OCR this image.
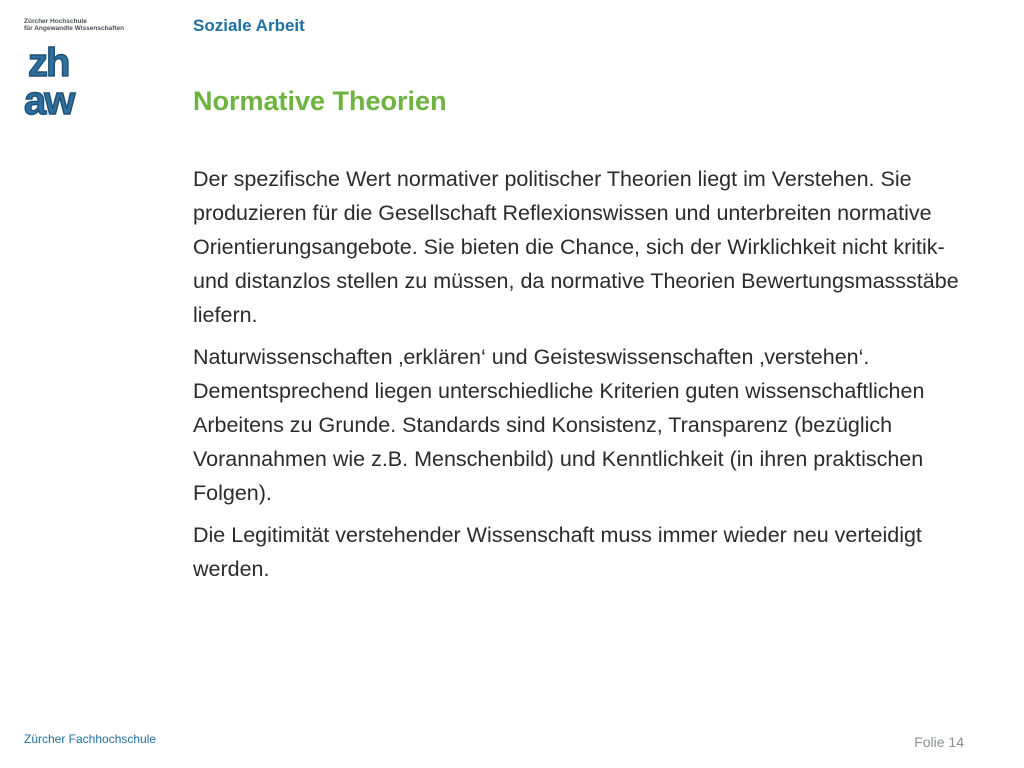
Zürcher Hochschule
für Angewandte Wissenschaften
zh
aw
Soziale Arbeit
Normative Theorien

Der spezifische Wert normativer politischer Theorien liegt im Verstehen. Sie produzieren für die Gesellschaft Reflexionswissen und unterbreiten normative Orientierungsangebote. Sie bieten die Chance, sich der Wirklichkeit nicht kritik- und distanzlos stellen zu müssen, da normative Theorien Bewertungsmassstäbe liefern.

Naturwissenschaften ‚erklären‘ und Geisteswissenschaften ‚verstehen‘. Dementsprechend liegen unterschiedliche Kriterien guten wissenschaftlichen Arbeitens zu Grunde. Standards sind Konsistenz, Transparenz (bezüglich Vorannahmen wie z.B. Menschenbild) und Kenntlichkeit (in ihren praktischen Folgen).

Die Legitimität verstehender Wissenschaft muss immer wieder neu verteidigt werden.

Zürcher Fachhochschule	Folie 14
